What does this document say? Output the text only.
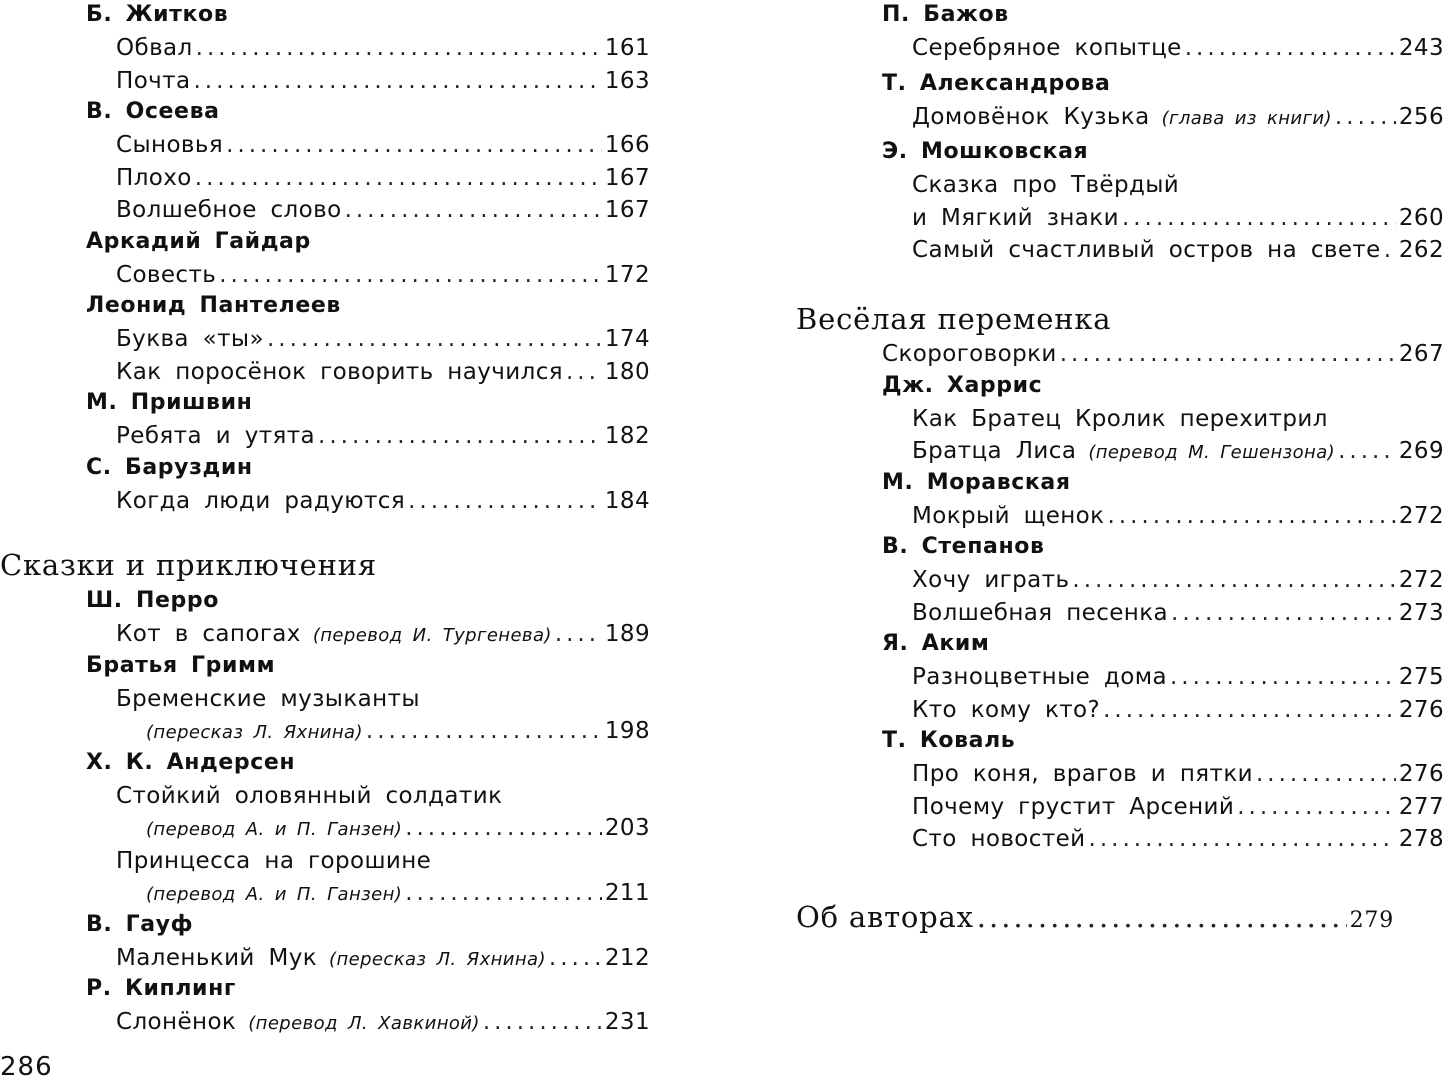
Б. Житков
Обвал .....	161
Почта .....	163
В. Осеева
Сыновья .....	166
Плохо .....	167
Волшебное слово .....	167
Аркадий Гайдар
Совесть .....	172
Леонид Пантелеев
Буква «ты» .....	174
Как поросёнок говорить научился ..... 180
М. Пришвин
Ребята и утята .....	182
С. Баруздин
Когда люди радуются .....	184
Сказки и приключения
Ш. Перро
Кот в сапогах (перевод И. Тургенева) ..... 189
Братья Гримм
Бременские музыканты
(пересказ Л. Яхнина) .....	198
Х. К. Андерсен
Стойкий оловянный солдатик
(перевод А. и П. Ганзен) .....	203
Принцесса на горошине
(перевод А. и П. Ганзен) .....	211
В. Гауф
Маленький Мук (пересказ Л. Яхнина) .....	212
Р. Киплинг
Слонёнок (перевод Л. Хавкиной) .....	231
П. Бажов
Серебряное копытце .....	243
Т. Александрова
Домовёнок Кузька (глава из книги) .....	256
Э. Мошковская
Сказка про Твёрдый
и Мягкий знаки .....	260
Самый счастливый остров на свете ..... 262
Весёлая переменка
Скороговорки .....	267
Дж. Харрис
Как Братец Кролик перехитрил
Братца Лиса (перевод М. Гешензона) .....	269
М. Моравская
Мокрый щенок .....	272
В. Степанов
Хочу играть .....	272
Волшебная песенка .....	273
Я. Аким
Разноцветные дома .....	275
Кто кому кто? .....	276
Т. Коваль
Про коня, врагов и пятки .....	276
Почему грустит Арсений .....	277
Сто новостей .....	278
Об авторах .....	279
286
